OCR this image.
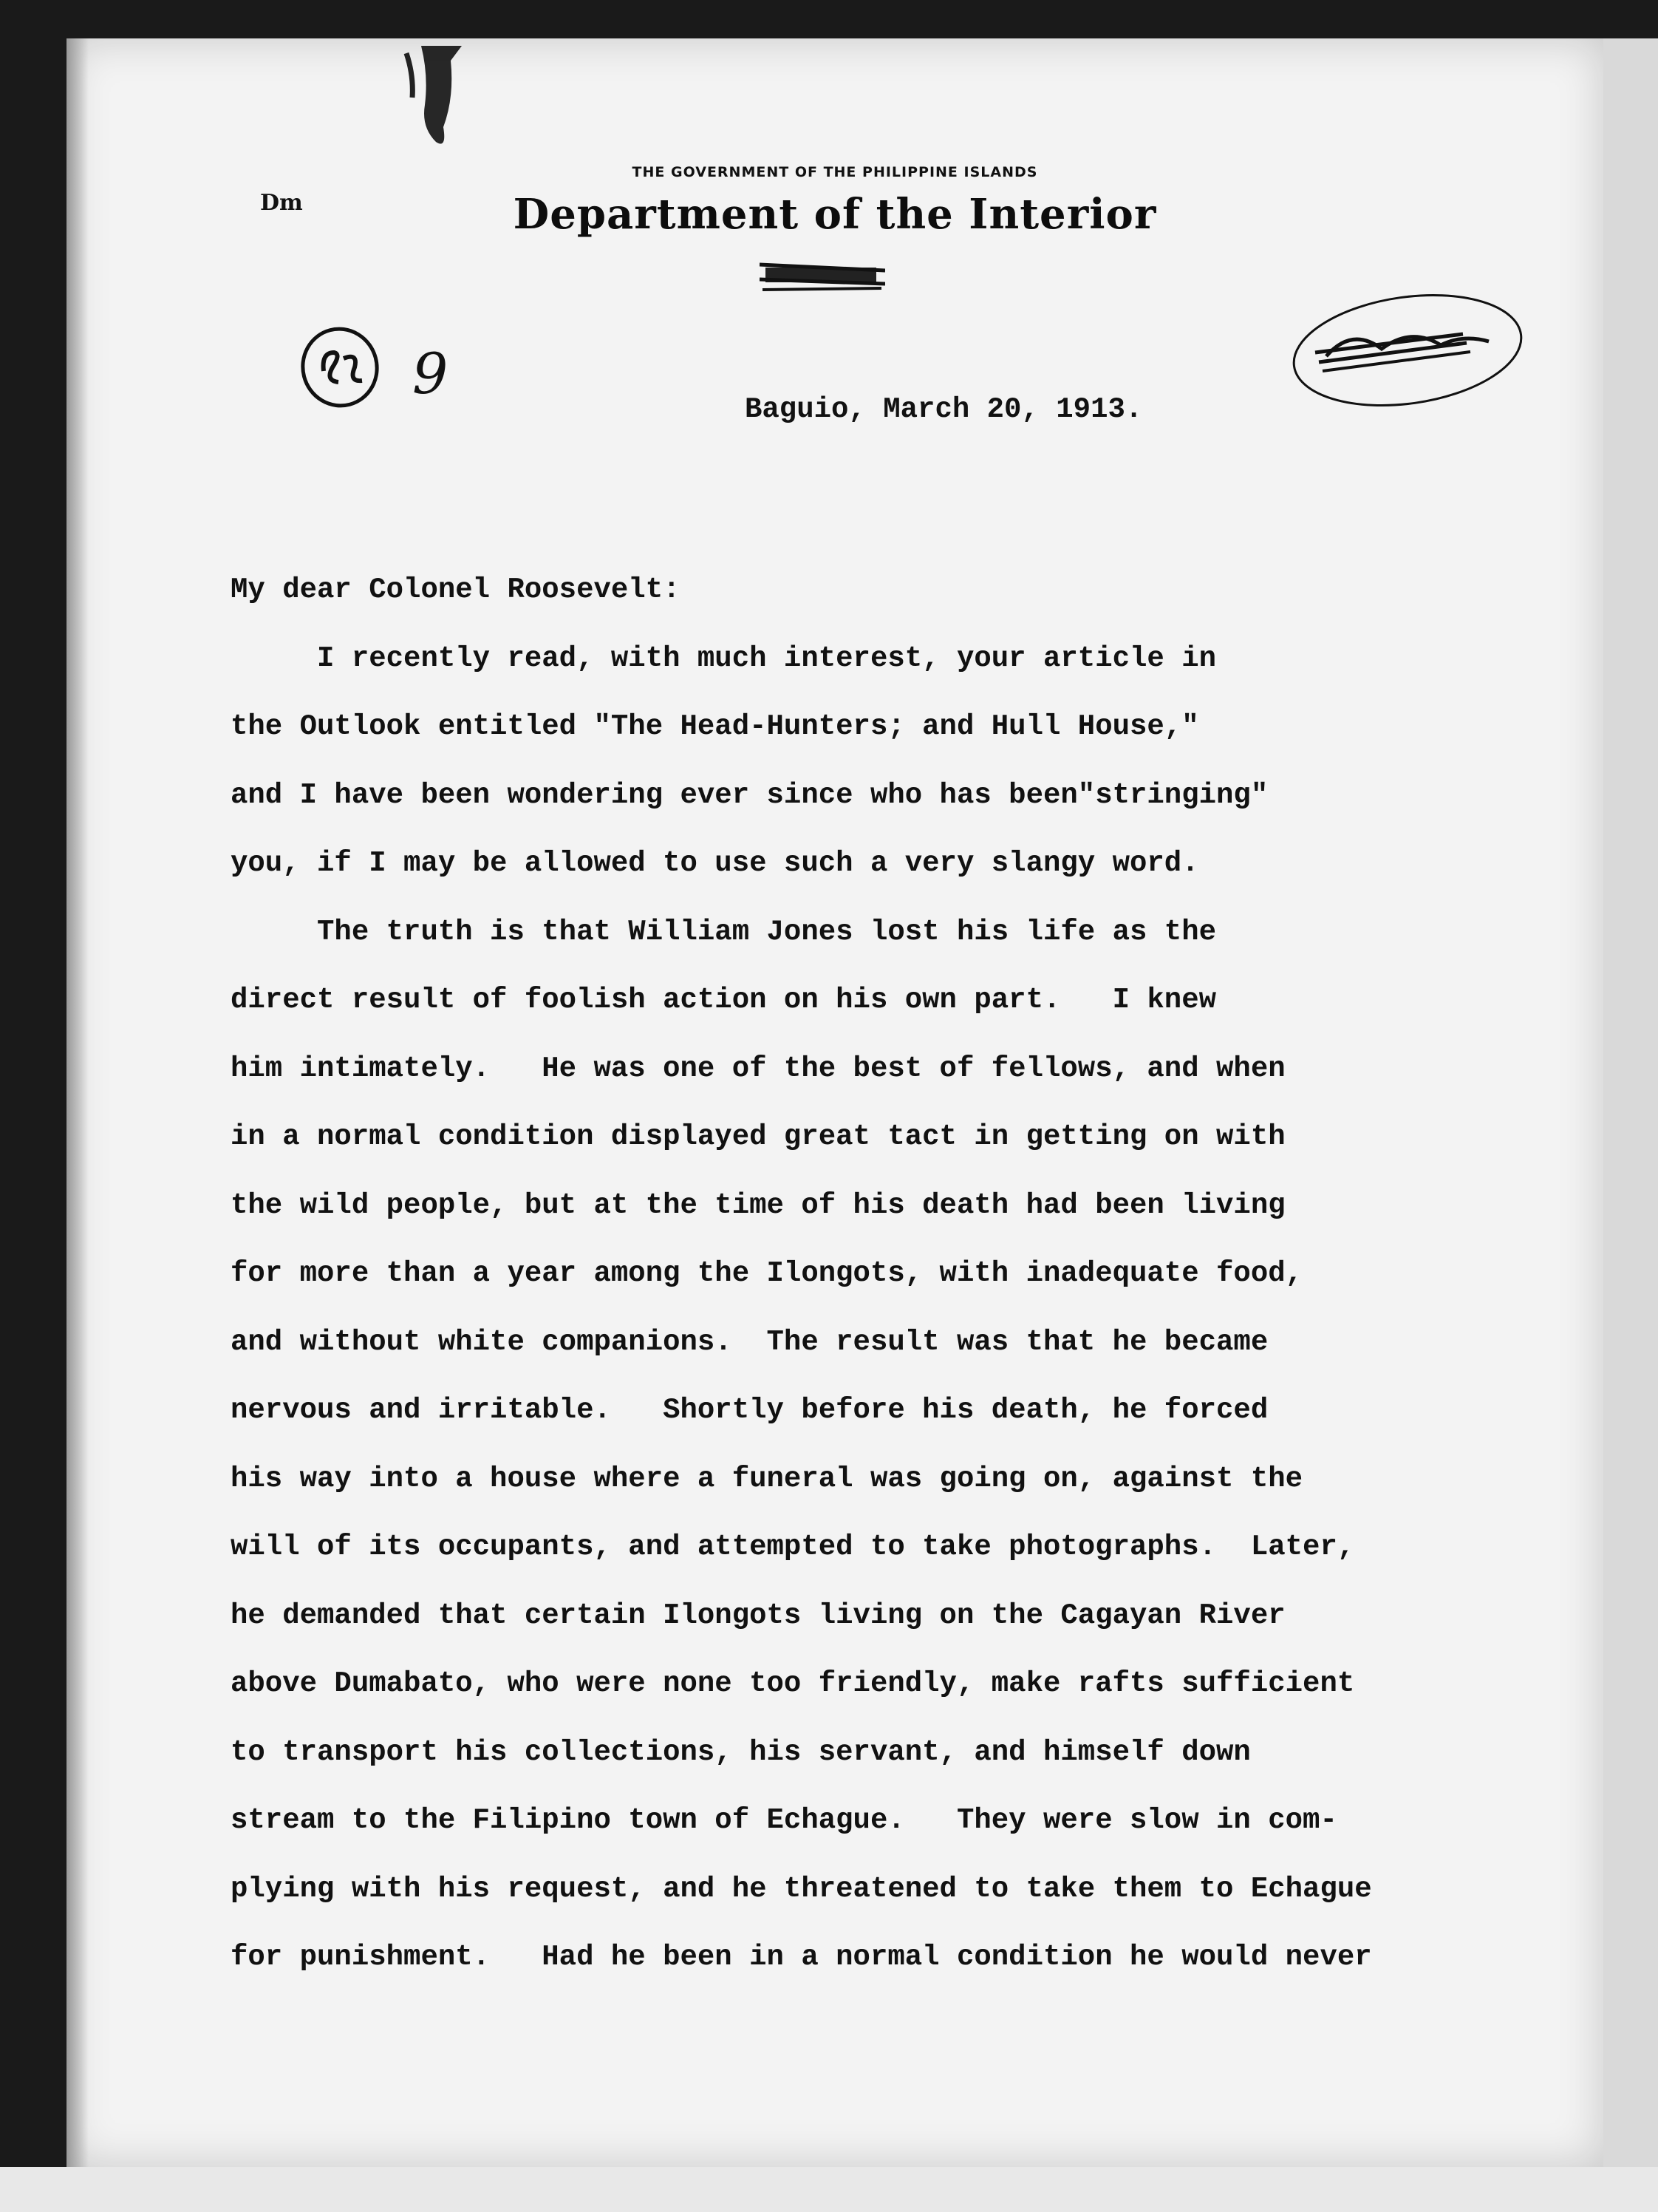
THE GOVERNMENT OF THE PHILIPPINE ISLANDS
Department of the Interior
Dm
9
Baguio, March 20, 1913.
My dear Colonel Roosevelt:
I recently read, with much interest, your article in
the Outlook entitled "The Head-Hunters; and Hull House,"
and I have been wondering ever since who has been"stringing"
you, if I may be allowed to use such a very slangy word.
The truth is that William Jones lost his life as the
direct result of foolish action on his own part.   I knew
him intimately.   He was one of the best of fellows, and when
in a normal condition displayed great tact in getting on with
the wild people, but at the time of his death had been living
for more than a year among the Ilongots, with inadequate food,
and without white companions.  The result was that he became
nervous and irritable.   Shortly before his death, he forced
his way into a house where a funeral was going on, against the
will of its occupants, and attempted to take photographs.  Later,
he demanded that certain Ilongots living on the Cagayan River
above Dumabato, who were none too friendly, make rafts sufficient
to transport his collections, his servant, and himself down
stream to the Filipino town of Echague.   They were slow in com-
plying with his request, and he threatened to take them to Echague
for punishment.   Had he been in a normal condition he would never
